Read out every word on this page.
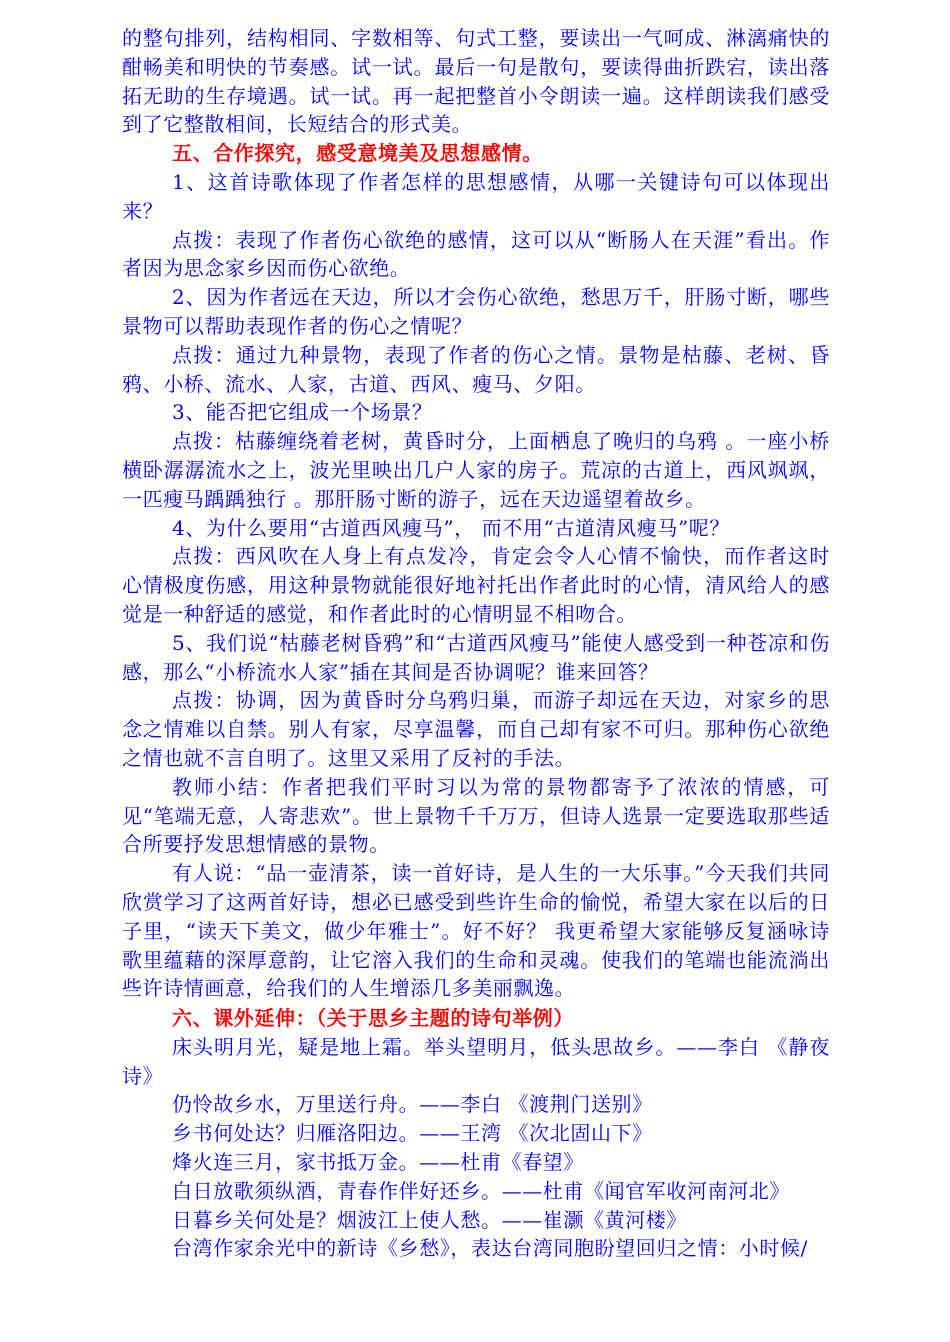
的整句排列，结构相同、字数相等、句式工整，要读出一气呵成、淋漓痛快的酣畅美和明快的节奏感。试一试。最后一句是散句，要读得曲折跌宕，读出落拓无助的生存境遇。试一试。再一起把整首小令朗读一遍。这样朗读我们感受到了它整散相间，长短结合的形式美。

五、合作探究，感受意境美及思想感情。

1、这首诗歌体现了作者怎样的思想感情，从哪一关键诗句可以体现出来？

点拨：表现了作者伤心欲绝的感情，这可以从“断肠人在天涯”看出。作者因为思念家乡因而伤心欲绝。

2、因为作者远在天边，所以才会伤心欲绝，愁思万千，肝肠寸断，哪些景物可以帮助表现作者的伤心之情呢？

点拨：通过九种景物，表现了作者的伤心之情。景物是枯藤、老树、昏鸦、小桥、流水、人家，古道、西风、瘦马、夕阳。

3、能否把它组成一个场景？

点拨：枯藤缠绕着老树，黄昏时分，上面栖息了晚归的乌鸦 。一座小桥横卧潺潺流水之上，波光里映出几户人家的房子。荒凉的古道上，西风飒飒，一匹瘦马踽踽独行 。那肝肠寸断的游子，远在天边遥望着故乡。

4、为什么要用“古道西风瘦马”， 而不用“古道清风瘦马”呢？

点拨：西风吹在人身上有点发冷，肯定会令人心情不愉快，而作者这时心情极度伤感，用这种景物就能很好地衬托出作者此时的心情，清风给人的感觉是一种舒适的感觉，和作者此时的心情明显不相吻合。

5、我们说“枯藤老树昏鸦”和“古道西风瘦马”能使人感受到一种苍凉和伤感，那么“小桥流水人家”插在其间是否协调呢？谁来回答？

点拨：协调，因为黄昏时分乌鸦归巢，而游子却远在天边，对家乡的思念之情难以自禁。别人有家，尽享温馨，而自己却有家不可归。那种伤心欲绝之情也就不言自明了。这里又采用了反衬的手法。

教师小结：作者把我们平时习以为常的景物都寄予了浓浓的情感，可见“笔端无意，人寄悲欢”。世上景物千千万万，但诗人选景一定要选取那些适合所要抒发思想情感的景物。

有人说：“品一壶清茶，读一首好诗，是人生的一大乐事。”今天我们共同欣赏学习了这两首好诗，想必已感受到些许生命的愉悦，希望大家在以后的日子里，“读天下美文，做少年雅士”。好不好？ 我更希望大家能够反复涵咏诗歌里蕴藉的深厚意韵，让它溶入我们的生命和灵魂。使我们的笔端也能流淌出些许诗情画意，给我们的人生增添几多美丽飘逸。

六、课外延伸：（关于思乡主题的诗句举例）

床头明月光，疑是地上霜。举头望明月，低头思故乡。——李白 《静夜诗》

仍怜故乡水，万里送行舟。——李白 《渡荆门送别》

乡书何处达？归雁洛阳边。——王湾 《次北固山下》

烽火连三月，家书抵万金。——杜甫《春望》

白日放歌须纵酒，青春作伴好还乡。——杜甫《闻官军收河南河北》

日暮乡关何处是？烟波江上使人愁。——崔灏《黄河楼》

台湾作家余光中的新诗《乡愁》，表达台湾同胞盼望回归之情：小时候/
